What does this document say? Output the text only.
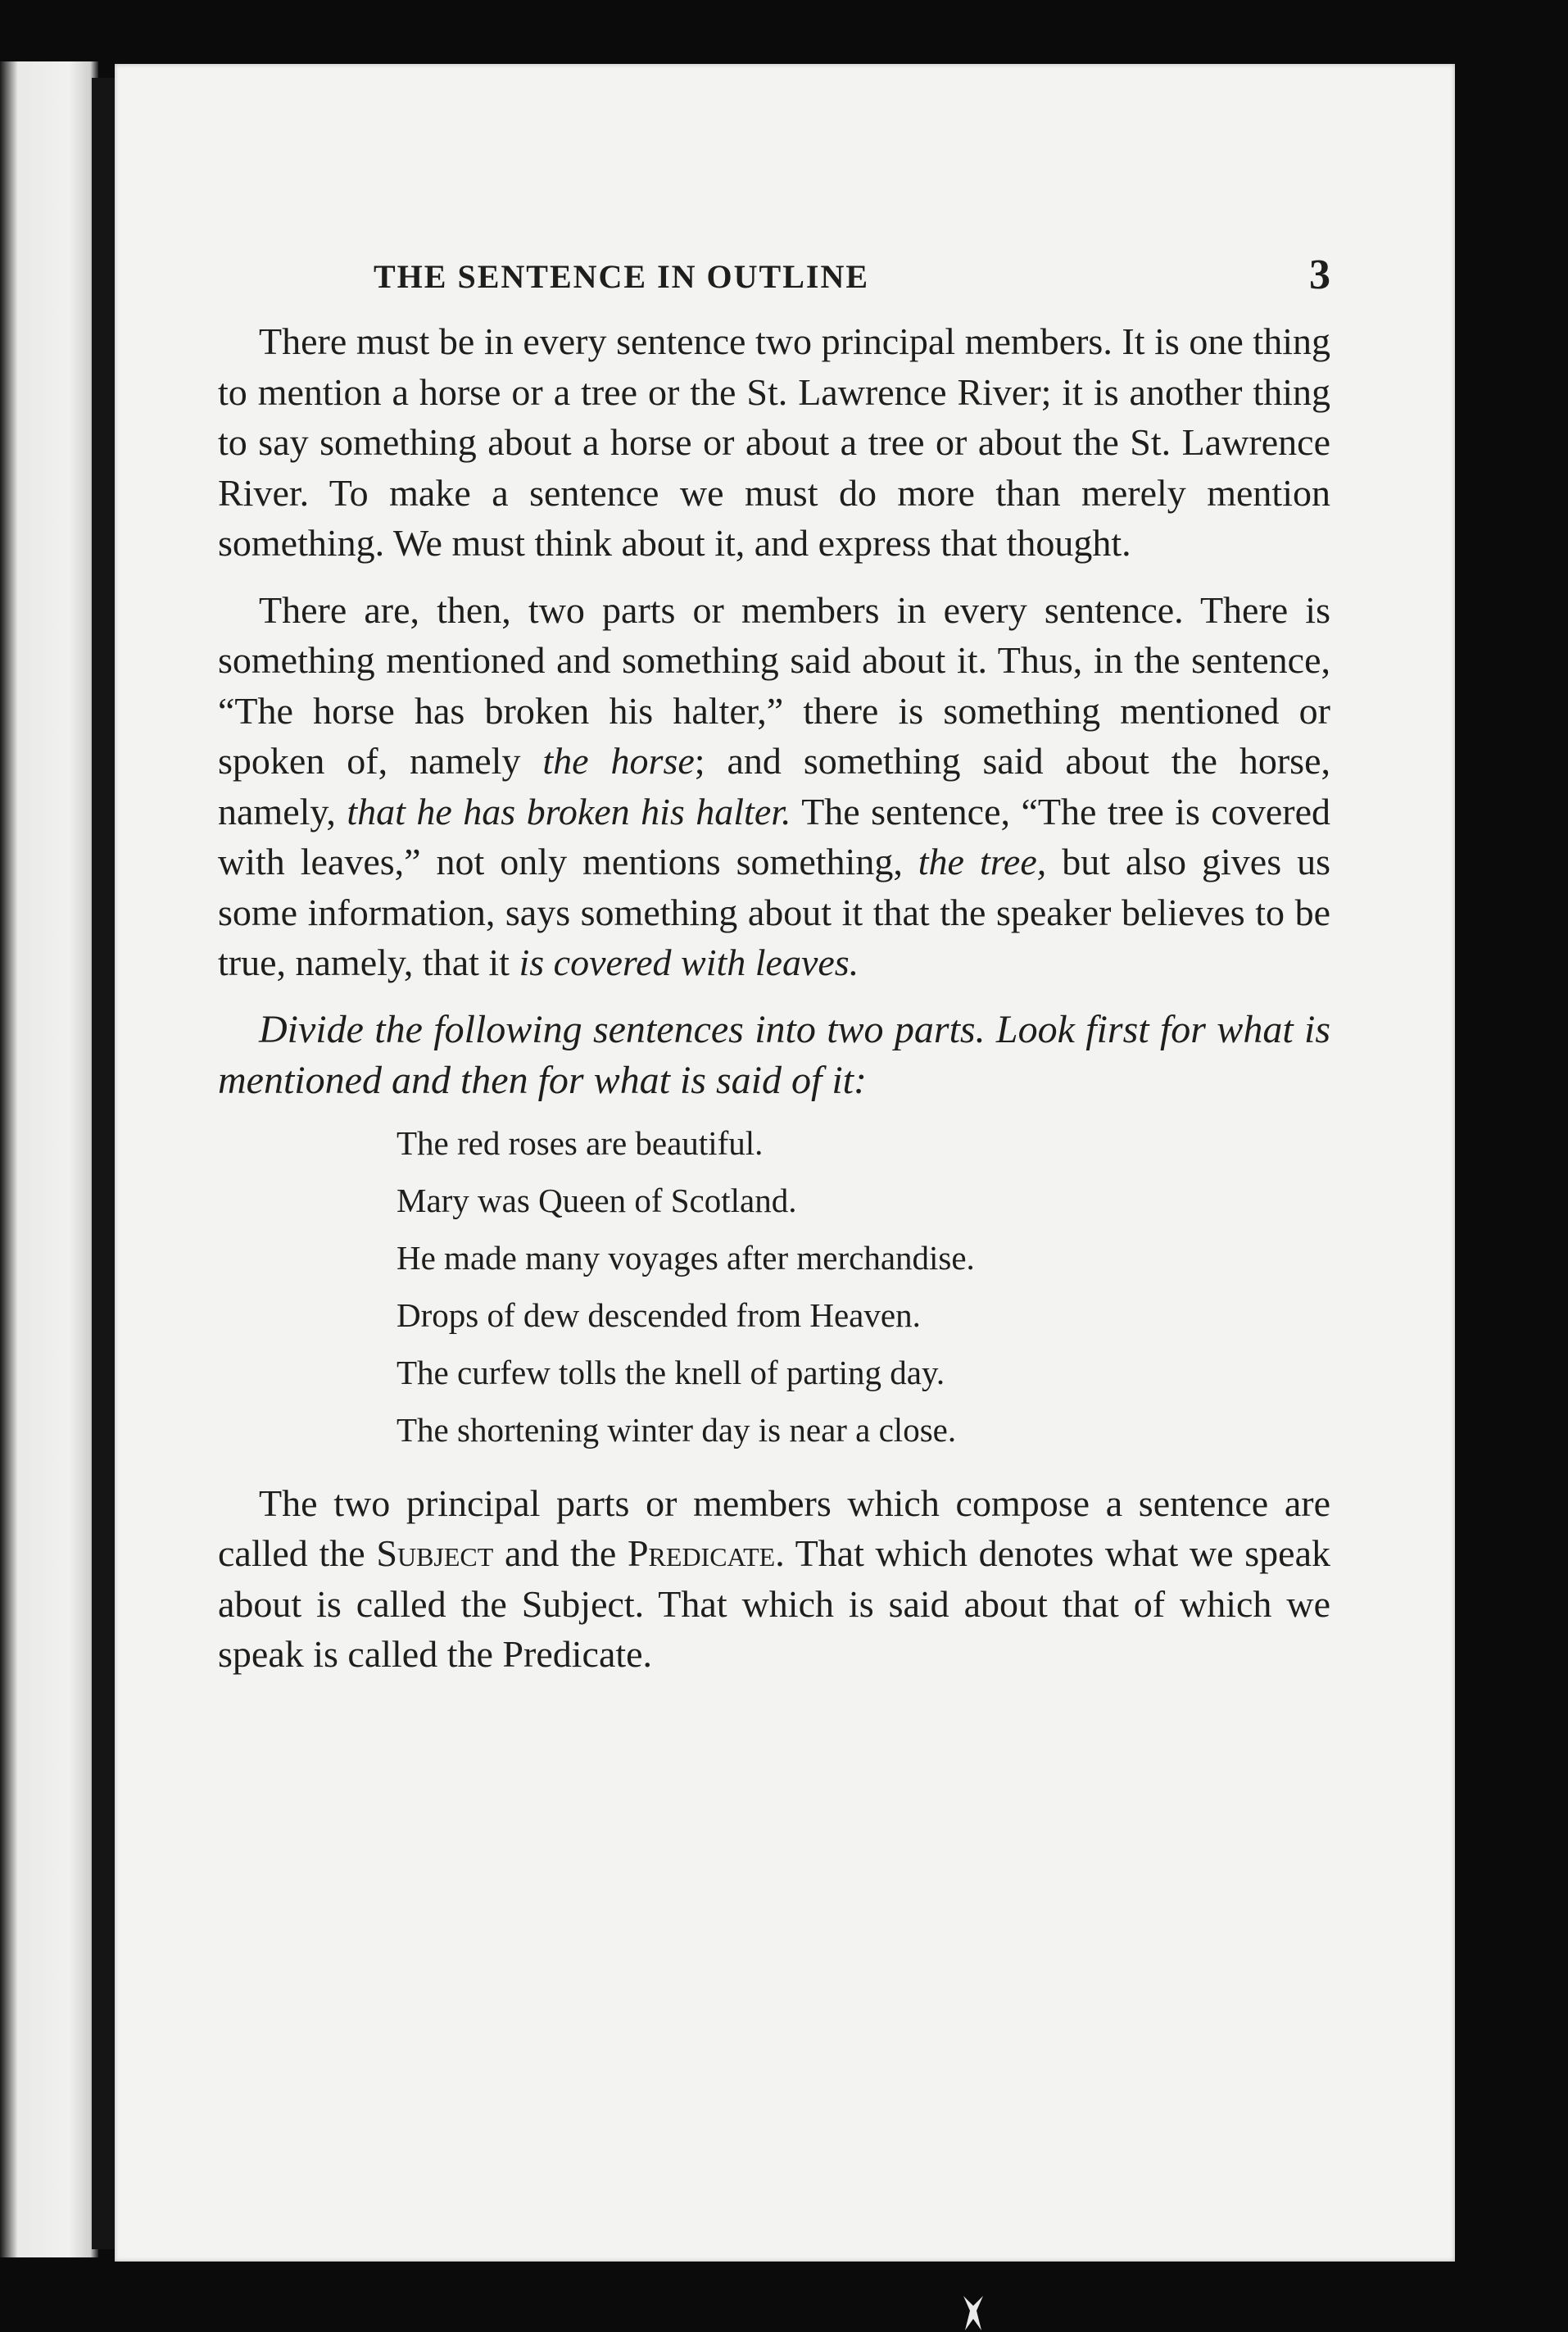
THE SENTENCE IN OUTLINE	3

There must be in every sentence two principal members. It is one thing to mention a horse or a tree or the St. Lawrence River; it is another thing to say something about a horse or about a tree or about the St. Lawrence River. To make a sentence we must do more than merely mention something. We must think about it, and express that thought.

There are, then, two parts or members in every sentence. There is something mentioned and something said about it. Thus, in the sentence, “The horse has broken his halter,” there is something mentioned or spoken of, namely the horse; and something said about the horse, namely, that he has broken his halter. The sentence, “The tree is covered with leaves,” not only mentions something, the tree, but also gives us some information, says something about it that the speaker believes to be true, namely, that it is covered with leaves.

Divide the following sentences into two parts. Look first for what is mentioned and then for what is said of it:

The red roses are beautiful.
Mary was Queen of Scotland.
He made many voyages after merchandise.
Drops of dew descended from Heaven.
The curfew tolls the knell of parting day.
The shortening winter day is near a close.

The two principal parts or members which compose a sentence are called the Subject and the Predicate. That which denotes what we speak about is called the Subject. That which is said about that of which we speak is called the Predicate.
